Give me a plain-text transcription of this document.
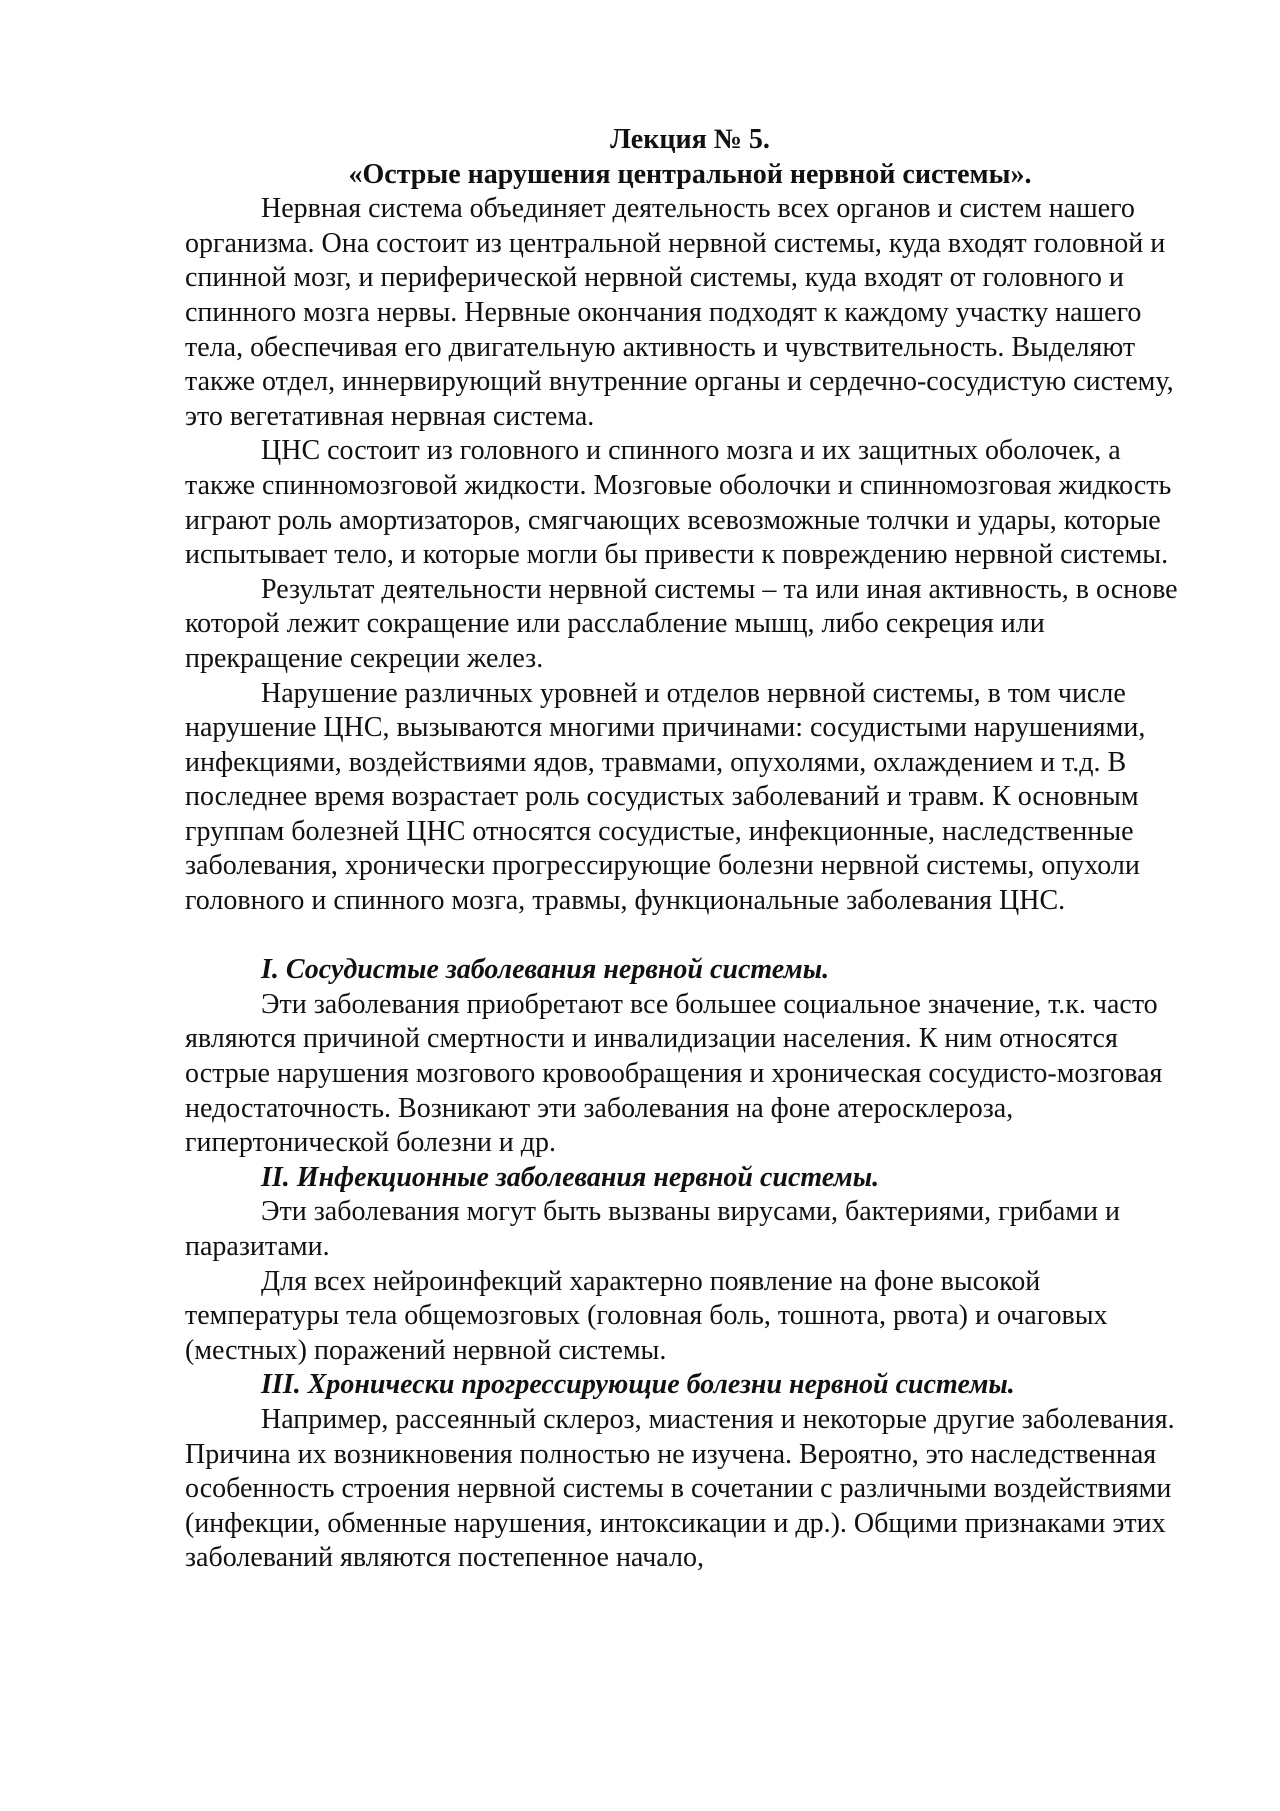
Лекция № 5.

«Острые нарушения центральной нервной системы».

Нервная система объединяет деятельность всех органов и систем нашего организма. Она состоит из центральной нервной системы, куда входят головной и спинной мозг, и периферической нервной системы, куда входят от головного и спинного мозга нервы. Нервные окончания подходят к каждому участку нашего тела, обеспечивая его двигательную активность и чувствительность. Выделяют также отдел, иннервирующий внутренние органы и сердечно-сосудистую систему, это вегетативная нервная система.

ЦНС состоит из головного и спинного мозга и их защитных оболочек, а также спинномозговой жидкости. Мозговые оболочки и спинномозговая жидкость играют роль амортизаторов, смягчающих всевозможные толчки и удары, которые испытывает тело, и которые могли бы привести к повреждению нервной системы.

Результат деятельности нервной системы – та или иная активность, в основе которой лежит сокращение или расслабление мышц, либо секреция или прекращение секреции желез.

Нарушение различных уровней и отделов нервной системы, в том числе нарушение ЦНС, вызываются многими причинами: сосудистыми нарушениями, инфекциями, воздействиями ядов, травмами, опухолями, охлаждением и т.д. В последнее время возрастает роль сосудистых заболеваний и травм. К основным группам болезней ЦНС относятся сосудистые, инфекционные, наследственные заболевания, хронически прогрессирующие болезни нервной системы, опухоли головного и спинного мозга, травмы, функциональные заболевания ЦНС.

I. Сосудистые заболевания нервной системы.

Эти заболевания приобретают все большее социальное значение, т.к. часто являются причиной смертности и инвалидизации населения. К ним относятся острые нарушения мозгового кровообращения и хроническая сосудисто-мозговая недостаточность. Возникают эти заболевания на фоне атеросклероза, гипертонической болезни и др.

II. Инфекционные заболевания нервной системы.

Эти заболевания могут быть вызваны вирусами, бактериями, грибами и паразитами.

Для всех нейроинфекций характерно появление на фоне высокой температуры тела общемозговых (головная боль, тошнота, рвота) и очаговых (местных) поражений нервной системы.

III. Хронически прогрессирующие болезни нервной системы.

Например, рассеянный склероз, миастения и некоторые другие заболевания. Причина их возникновения полностью не изучена. Вероятно, это наследственная особенность строения нервной системы в сочетании с различными воздействиями (инфекции, обменные нарушения, интоксикации и др.). Общими признаками этих заболеваний являются постепенное начало,
